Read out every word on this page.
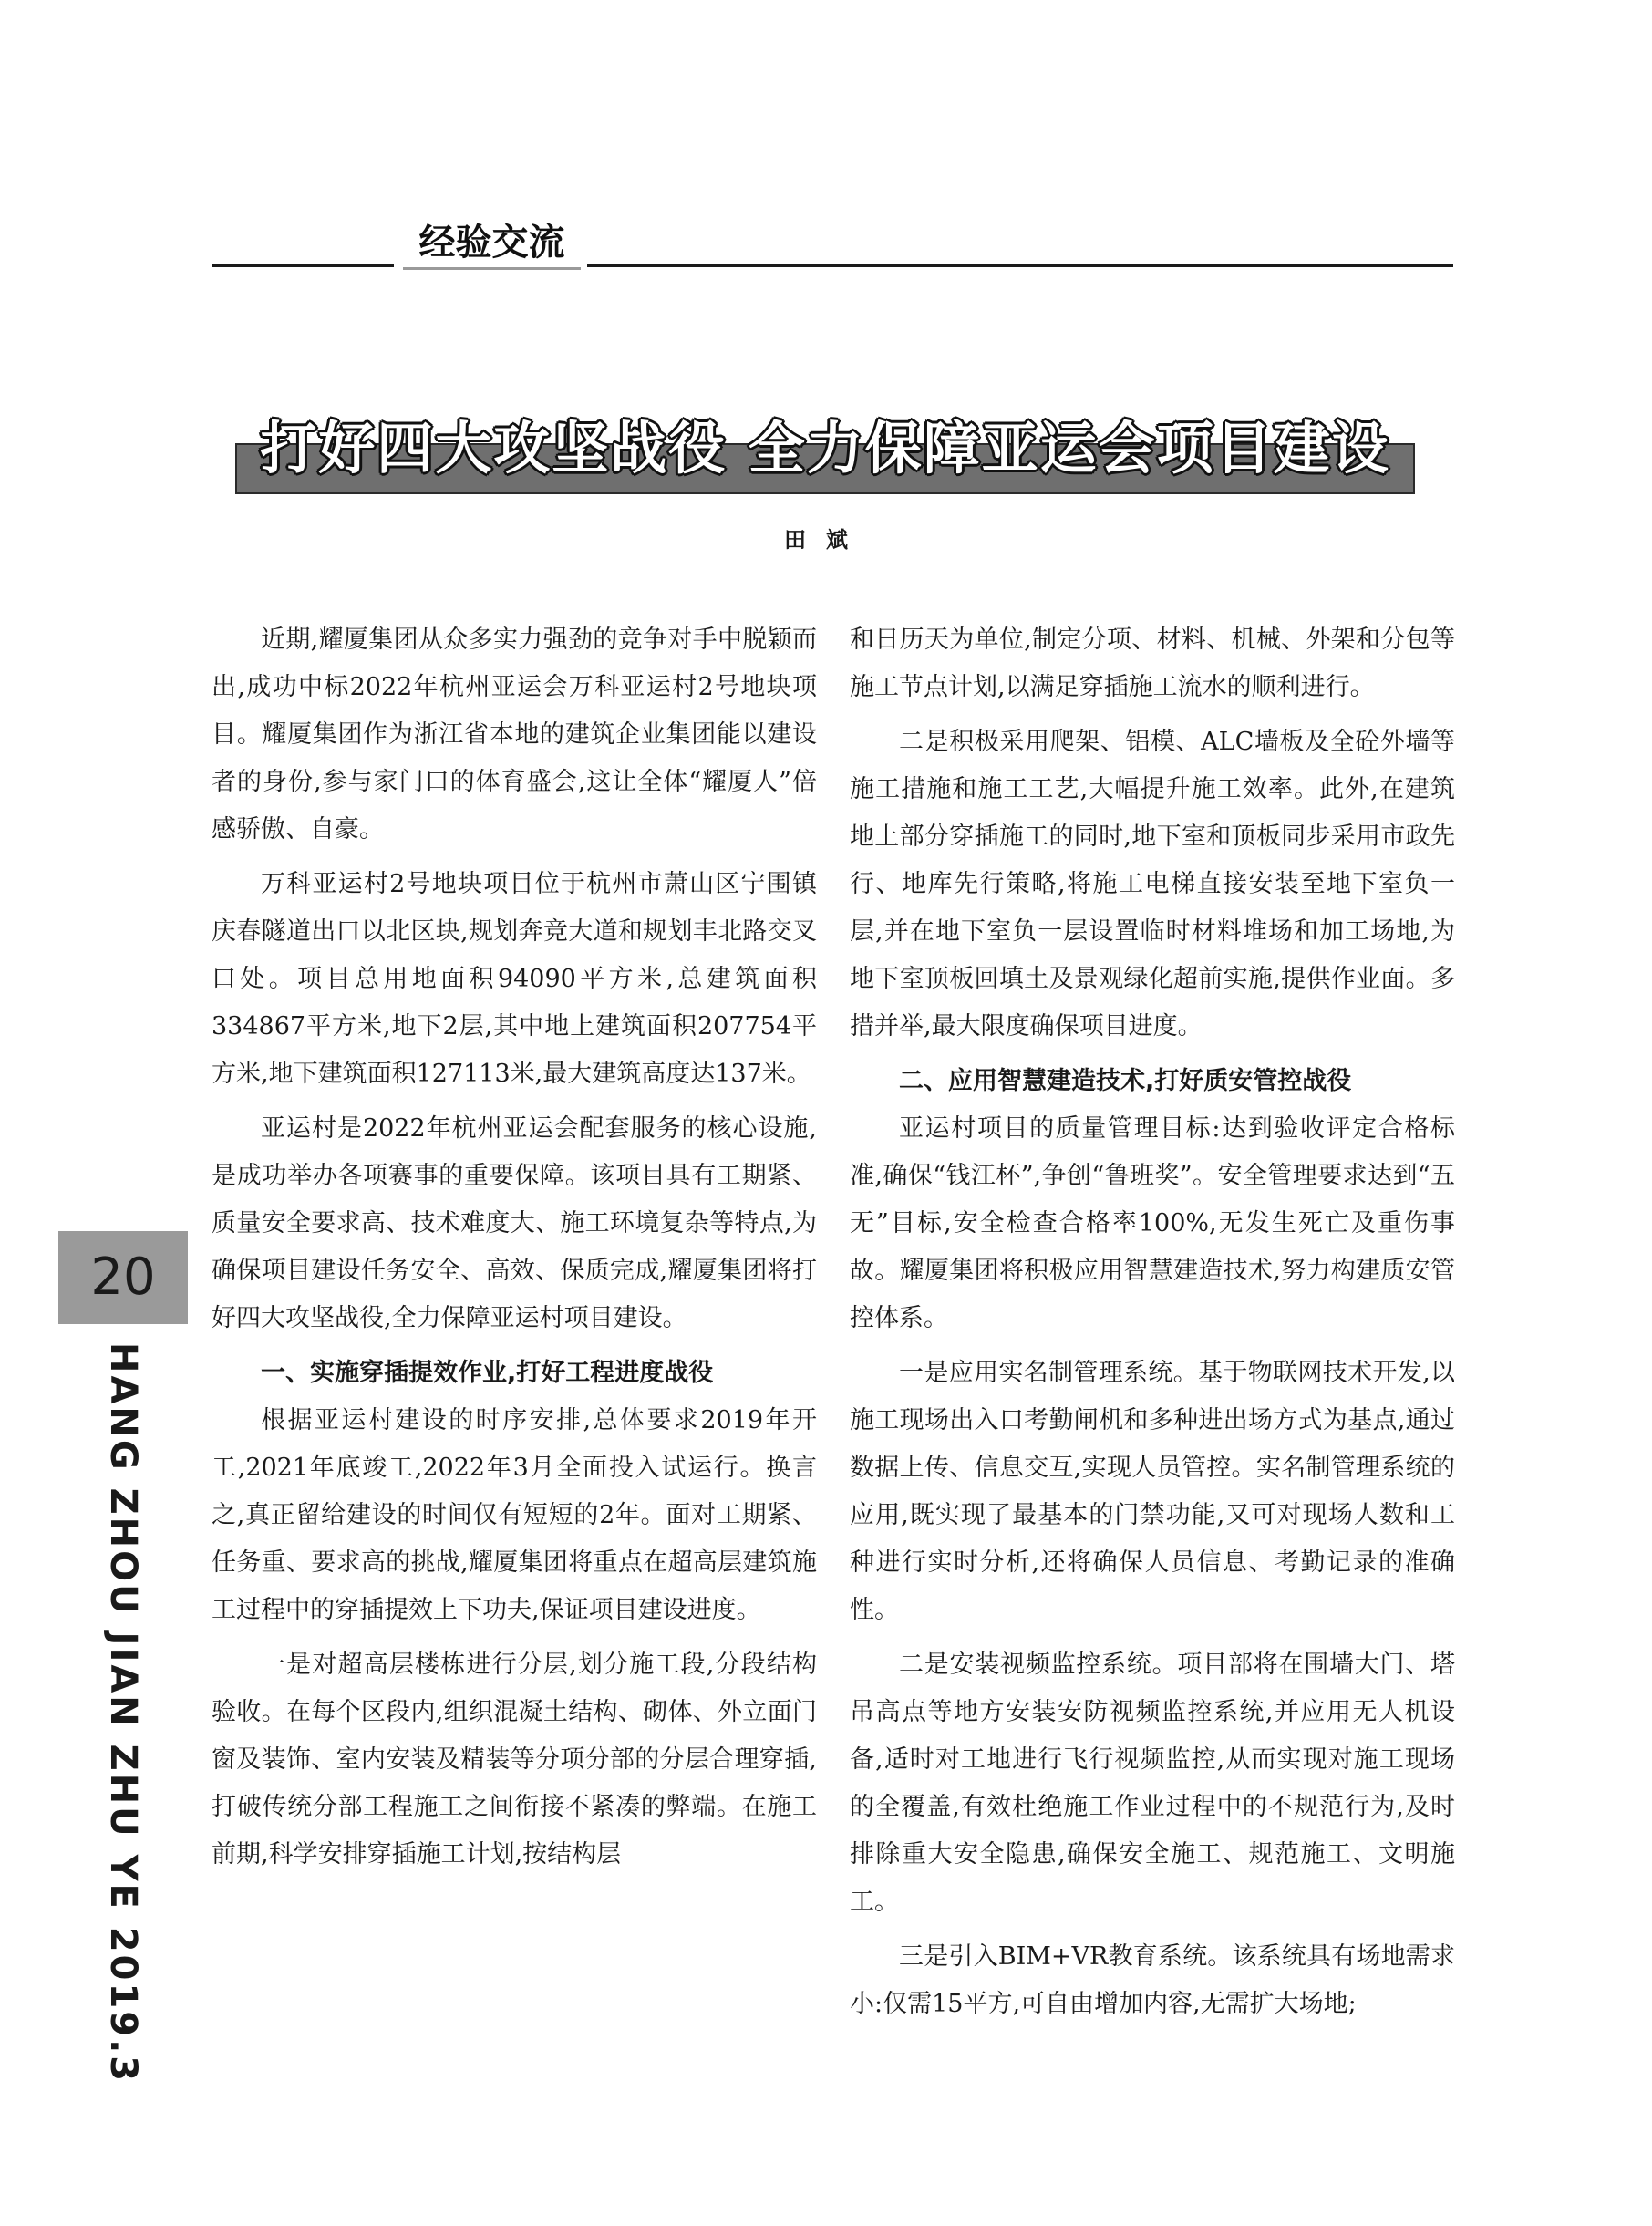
经验交流
打好四大攻坚战役 全力保障亚运会项目建设
田斌

近期,耀厦集团从众多实力强劲的竞争对手中脱颖而出,成功中标2022年杭州亚运会万科亚运村2号地块项目。耀厦集团作为浙江省本地的建筑企业集团能以建设者的身份,参与家门口的体育盛会,这让全体“耀厦人”倍感骄傲、自豪。

万科亚运村2号地块项目位于杭州市萧山区宁围镇庆春隧道出口以北区块,规划奔竞大道和规划丰北路交叉口处。项目总用地面积94090平方米,总建筑面积334867平方米,地下2层,其中地上建筑面积207754平方米,地下建筑面积127113米,最大建筑高度达137米。

亚运村是2022年杭州亚运会配套服务的核心设施,是成功举办各项赛事的重要保障。该项目具有工期紧、质量安全要求高、技术难度大、施工环境复杂等特点,为确保项目建设任务安全、高效、保质完成,耀厦集团将打好四大攻坚战役,全力保障亚运村项目建设。

一、实施穿插提效作业,打好工程进度战役

根据亚运村建设的时序安排,总体要求2019年开工,2021年底竣工,2022年3月全面投入试运行。换言之,真正留给建设的时间仅有短短的2年。面对工期紧、任务重、要求高的挑战,耀厦集团将重点在超高层建筑施工过程中的穿插提效上下功夫,保证项目建设进度。

一是对超高层楼栋进行分层,划分施工段,分段结构验收。在每个区段内,组织混凝土结构、砌体、外立面门窗及装饰、室内安装及精装等分项分部的分层合理穿插,打破传统分部工程施工之间衔接不紧凑的弊端。在施工前期,科学安排穿插施工计划,按结构层

和日历天为单位,制定分项、材料、机械、外架和分包等施工节点计划,以满足穿插施工流水的顺利进行。

二是积极采用爬架、铝模、ALC墙板及全砼外墙等施工措施和施工工艺,大幅提升施工效率。此外,在建筑地上部分穿插施工的同时,地下室和顶板同步采用市政先行、地库先行策略,将施工电梯直接安装至地下室负一层,并在地下室负一层设置临时材料堆场和加工场地,为地下室顶板回填土及景观绿化超前实施,提供作业面。多措并举,最大限度确保项目进度。

二、应用智慧建造技术,打好质安管控战役

亚运村项目的质量管理目标:达到验收评定合格标准,确保“钱江杯”,争创“鲁班奖”。安全管理要求达到“五无”目标,安全检查合格率100%,无发生死亡及重伤事故。耀厦集团将积极应用智慧建造技术,努力构建质安管控体系。

一是应用实名制管理系统。基于物联网技术开发,以施工现场出入口考勤闸机和多种进出场方式为基点,通过数据上传、信息交互,实现人员管控。实名制管理系统的应用,既实现了最基本的门禁功能,又可对现场人数和工种进行实时分析,还将确保人员信息、考勤记录的准确性。

二是安装视频监控系统。项目部将在围墙大门、塔吊高点等地方安装安防视频监控系统,并应用无人机设备,适时对工地进行飞行视频监控,从而实现对施工现场的全覆盖,有效杜绝施工作业过程中的不规范行为,及时排除重大安全隐患,确保安全施工、规范施工、文明施工。

三是引入BIM+VR教育系统。该系统具有场地需求小:仅需15平方,可自由增加内容,无需扩大场地;

20
HANG ZHOU JIAN ZHU YE 2019.3
